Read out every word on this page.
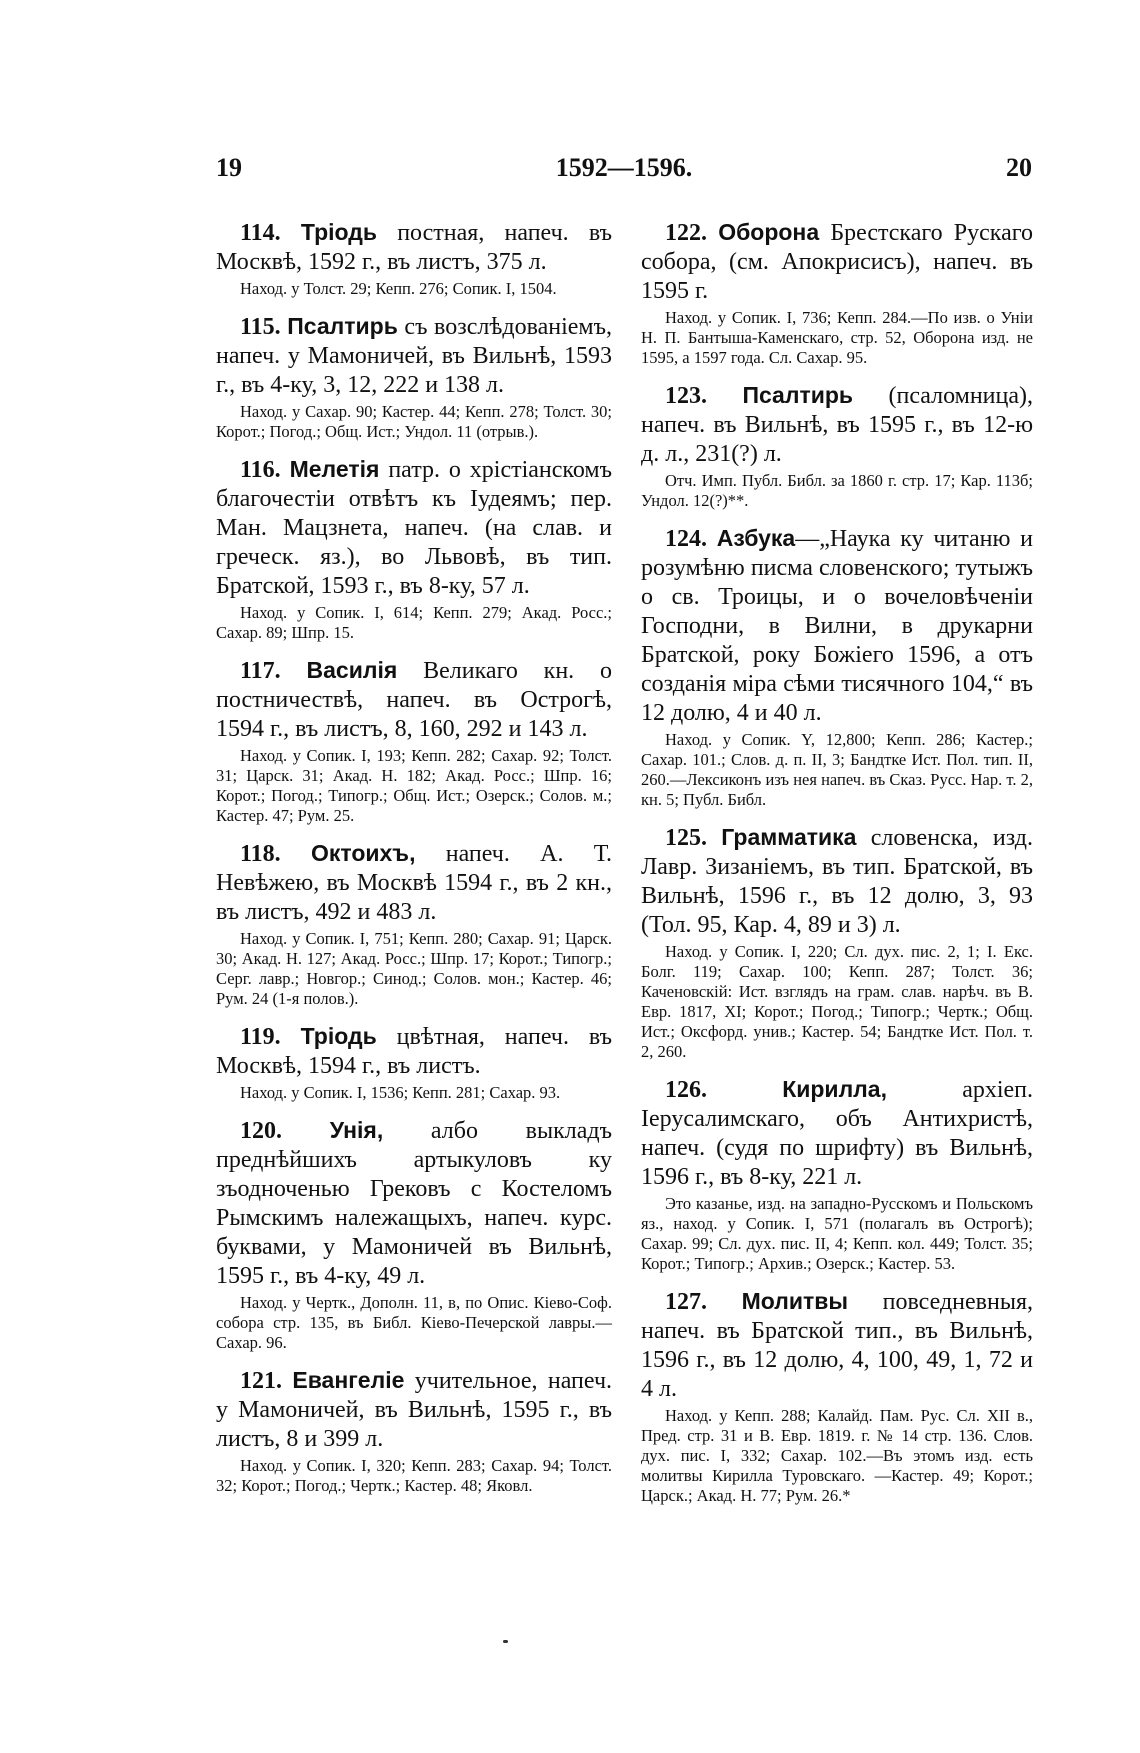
19	1592—1596.	20

114. Тріодь постная, напеч. въ Москвѣ, 1592 г., въ листъ, 375 л.

Наход. у Толст. 29; Кепп. 276; Сопик. I, 1504.

115. Псалтирь съ возслѣдованіемъ, напеч. у Мамоничей, въ Вильнѣ, 1593 г., въ 4-ку, 3, 12, 222 и 138 л.

Наход. у Сахар. 90; Кастер. 44; Кепп. 278; Толст. 30; Корот.; Погод.; Общ. Ист.; Ундол. 11 (отрыв.).

116. Мелетія патр. о хрістіанскомъ благочестіи отвѣтъ къ Іудеямъ; пер. Ман. Мацзнета, напеч. (на слав. и греческ. яз.), во Львовѣ, въ тип. Братской, 1593 г., въ 8-ку, 57 л.

Наход. у Сопик. I, 614; Кепп. 279; Акад. Росс.; Сахар. 89; Шпр. 15.

117. Василія Великаго кн. о постничествѣ, напеч. въ Острогѣ, 1594 г., въ листъ, 8, 160, 292 и 143 л.

Наход. у Сопик. I, 193; Кепп. 282; Сахар. 92; Толст. 31; Царск. 31; Акад. Н. 182; Акад. Росс.; Шпр. 16; Корот.; Погод.; Типогр.; Общ. Ист.; Озерск.; Солов. м.; Кастер. 47; Рум. 25.

118. Октоихъ, напеч. А. Т. Невѣжею, въ Москвѣ 1594 г., въ 2 кн., въ листъ, 492 и 483 л.

Наход. у Сопик. I, 751; Кепп. 280; Сахар. 91; Царск. 30; Акад. Н. 127; Акад. Росс.; Шпр. 17; Корот.; Типогр.; Серг. лавр.; Новгор.; Синод.; Солов. мон.; Кастер. 46; Рум. 24 (1-я полов.).

119. Тріодь цвѣтная, напеч. въ Москвѣ, 1594 г., въ листъ.

Наход. у Сопик. I, 1536; Кепп. 281; Сахар. 93.

120. Унія, албо выкладъ преднѣйшихъ артыкуловъ ку зъодноченью Грековъ с Костеломъ Рымскимъ належащыхъ, напеч. курс. буквами, у Мамоничей въ Вильнѣ, 1595 г., въ 4-ку, 49 л.

Наход. у Чертк., Дополн. 11, в, по Опис. Кіево-Соф. собора стр. 135, въ Библ. Кіево-Печерской лавры.—Сахар. 96.

121. Евангеліе учительное, напеч. у Мамоничей, въ Вильнѣ, 1595 г., въ листъ, 8 и 399 л.

Наход. у Сопик. I, 320; Кепп. 283; Сахар. 94; Толст. 32; Корот.; Погод.; Чертк.; Кастер. 48; Яковл.

122. Оборона Брестскаго Рускаго собора, (см. Апокрисисъ), напеч. въ 1595 г.

Наход. у Сопик. I, 736; Кепп. 284.—По изв. о Уніи Н. П. Бантыша-Каменскаго, стр. 52, Оборона изд. не 1595, а 1597 года. Сл. Сахар. 95.

123. Псалтирь (псаломница), напеч. въ Вильнѣ, въ 1595 г., въ 12-ю д. л., 231(?) л.

Отч. Имп. Публ. Библ. за 1860 г. стр. 17; Кар. 113б; Ундол. 12(?)**.

124. Азбука—„Наука ку читаню и розумѣню писма словенского; тутыжъ о св. Троицы, и о вочеловѣченіи Господни, в Вилни, в друкарни Братской, року Божіего 1596, а отъ созданія міра сѣми тисячного 104,“ въ 12 долю, 4 и 40 л.

Наход. у Сопик. Y, 12,800; Кепп. 286; Кастер.; Сахар. 101.; Слов. д. п. II, 3; Бандтке Ист. Пол. тип. II, 260.—Лексиконъ изъ нея напеч. въ Сказ. Русс. Нар. т. 2, кн. 5; Публ. Библ.

125. Грамматика словенска, изд. Лавр. Зизаніемъ, въ тип. Братской, въ Вильнѣ, 1596 г., въ 12 долю, 3, 93 (Тол. 95, Кар. 4, 89 и 3) л.

Наход. у Сопик. I, 220; Сл. дух. пис. 2, 1; I. Екс. Болг. 119; Сахар. 100; Кепп. 287; Толст. 36; Каченовскій: Ист. взглядъ на грам. слав. нарѣч. въ В. Евр. 1817, XI; Корот.; Погод.; Типогр.; Чертк.; Общ. Ист.; Оксфорд. унив.; Кастер. 54; Бандтке Ист. Пол. т. 2, 260.

126.	Кирилла,	архіеп. Іерусалимскаго, объ Антихристѣ, напеч. (судя по шрифту) въ Вильнѣ, 1596 г., въ 8-ку, 221 л.

Это казанье, изд. на западно-Русскомъ и Польскомъ яз., наход. у Сопик. I, 571 (полагалъ въ Острогѣ); Сахар. 99; Сл. дух. пис. II, 4; Кепп. кол. 449; Толст. 35; Корот.; Типогр.; Архив.; Озерск.; Кастер. 53.

127. Молитвы повседневныя, напеч. въ Братской тип., въ Вильнѣ, 1596 г., въ 12 долю, 4, 100, 49, 1, 72 и 4 л.

Наход. у Кепп. 288; Калайд. Пам. Рус. Сл. XII в., Пред. стр. 31 и В. Евр. 1819. г. № 14 стр. 136. Слов. дух. пис. I, 332; Сахар. 102.—Въ этомъ изд. есть молитвы Кирилла Туровскаго. —Кастер. 49; Корот.; Царск.; Акад. Н. 77; Рум. 26.*
